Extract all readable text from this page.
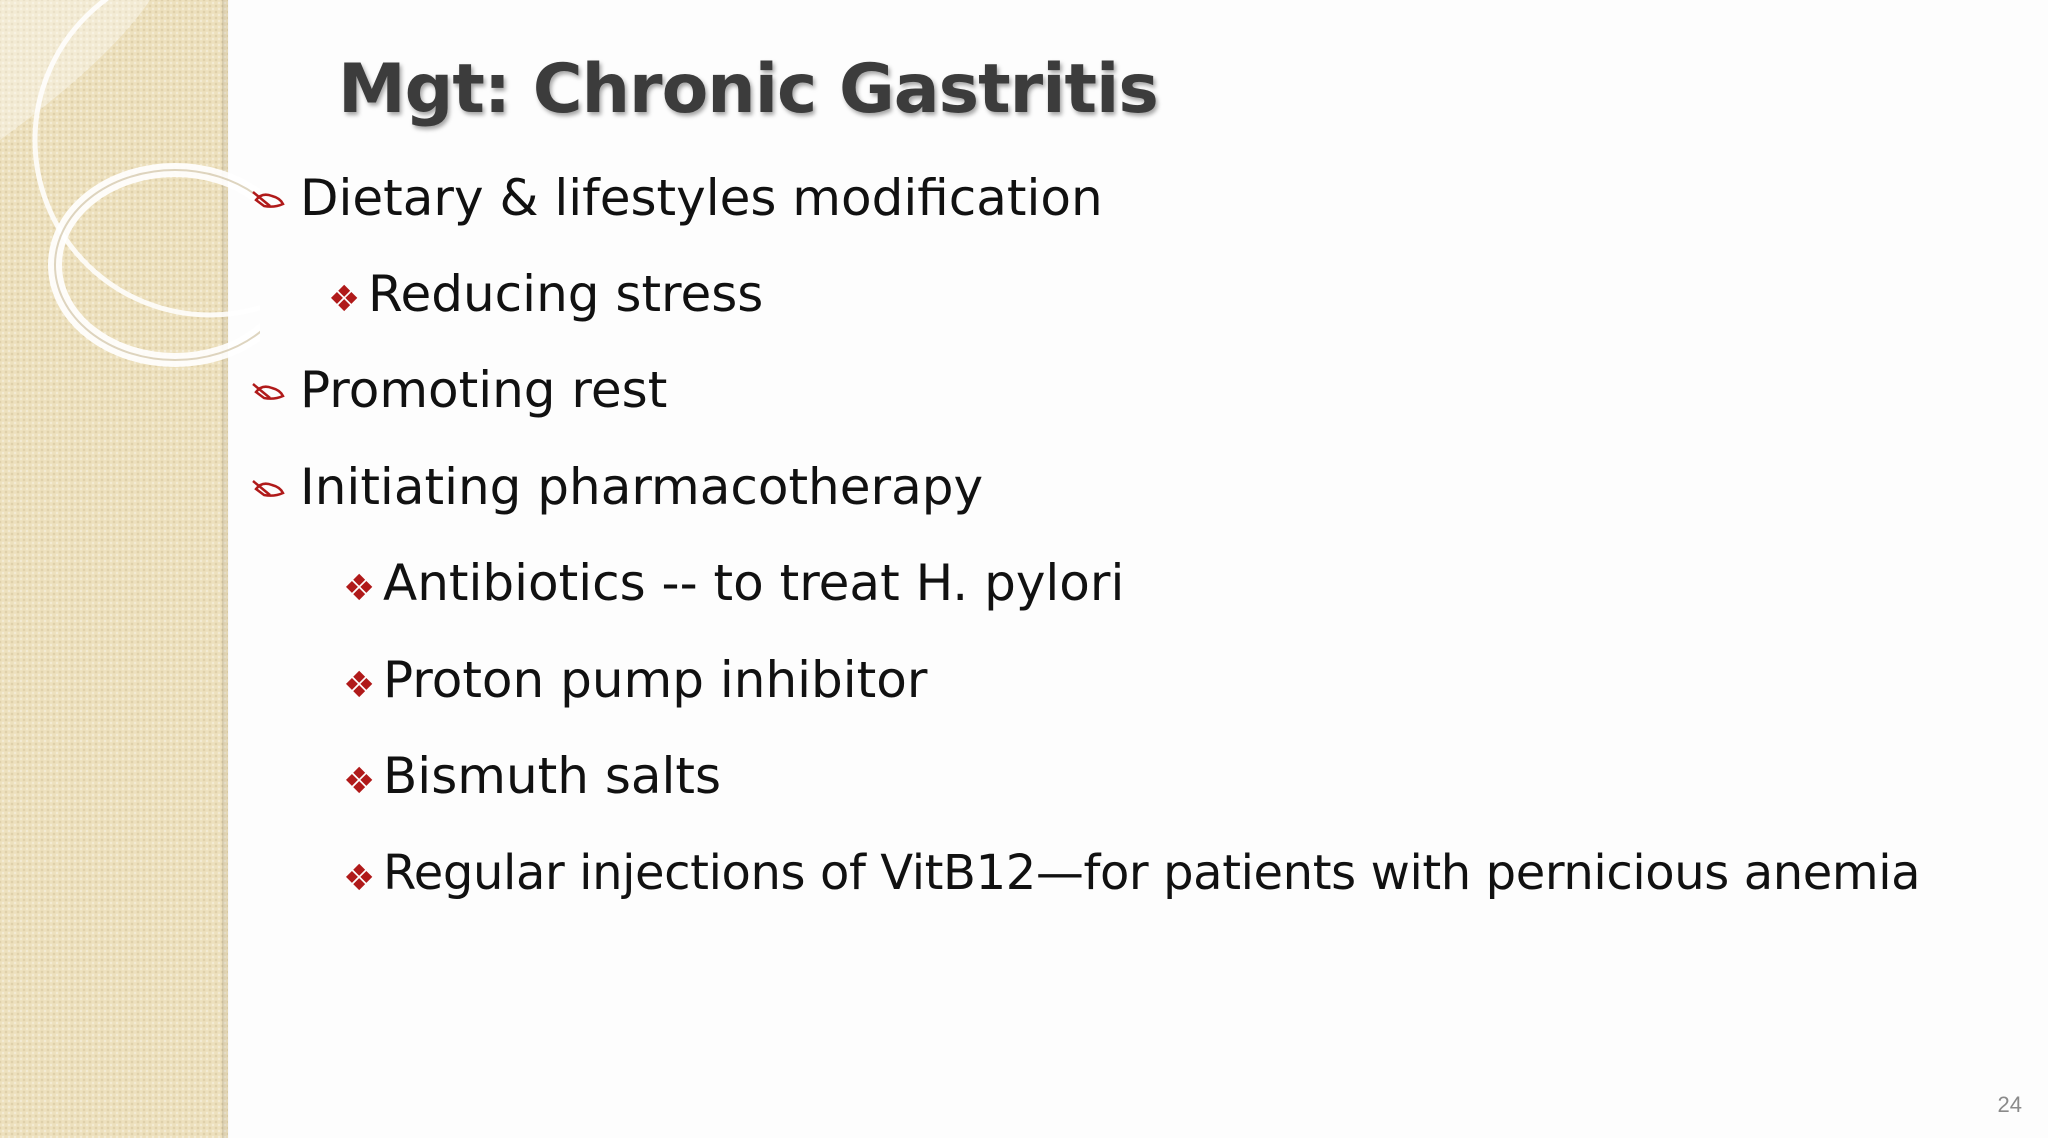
Mgt: Chronic Gastritis
Dietary & lifestyles modification
❖ Reducing stress
Promoting rest
Initiating pharmacotherapy
❖ Antibiotics -- to treat H. pylori
❖ Proton pump inhibitor
❖ Bismuth salts
❖ Regular injections of VitB12—for patients with pernicious anemia
24
